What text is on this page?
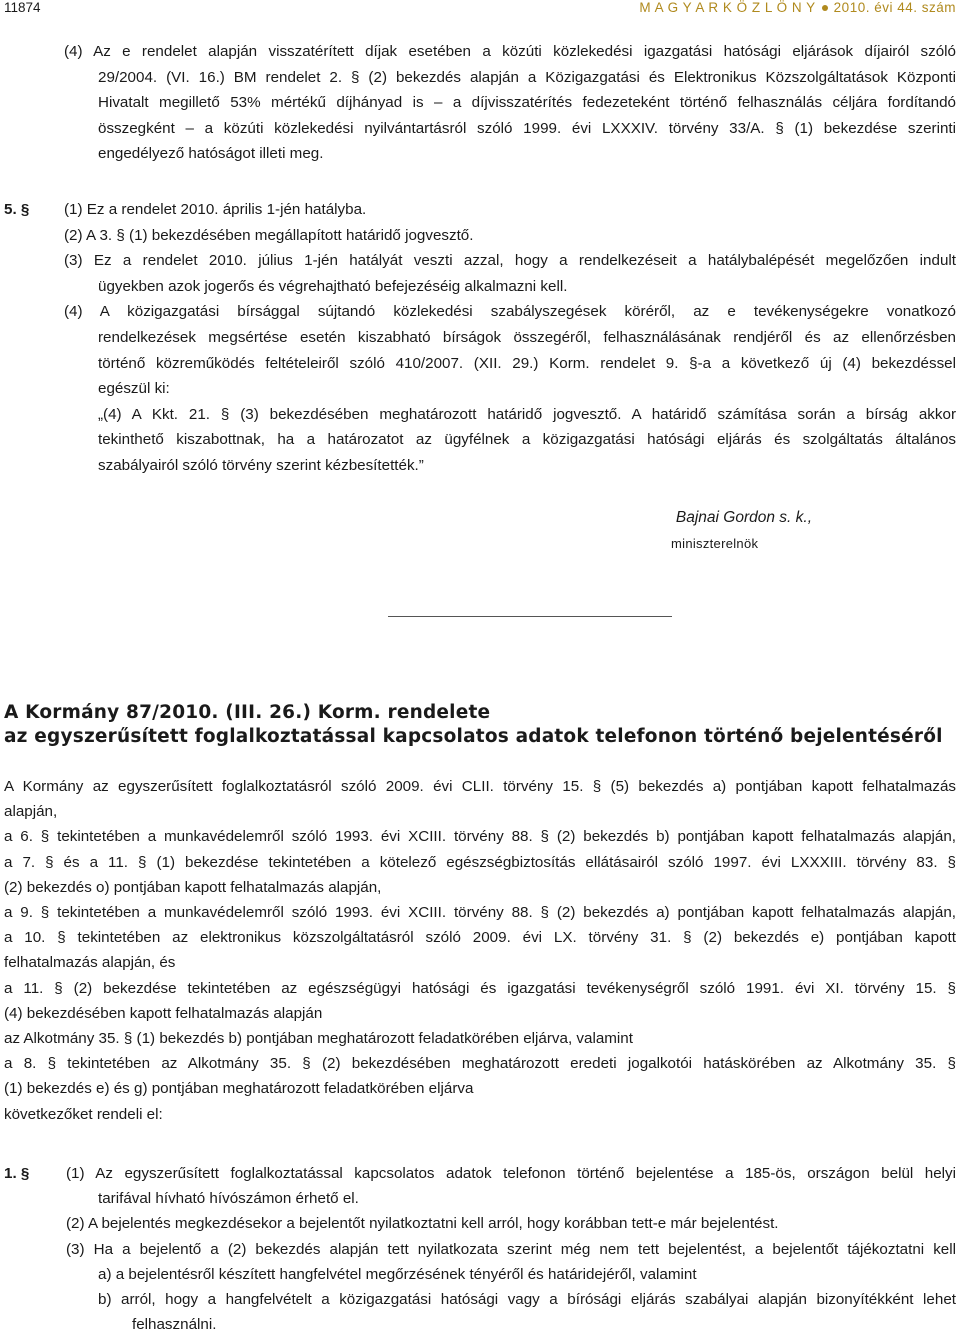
11874	M A G Y A R K Ö Z L Ö N Y 2010. évi 44. szám
(4) Az e rendelet alapján visszatérített díjak esetében a közúti közlekedési igazgatási hatósági eljárások díjairól szóló
29/2004. (VI. 16.) BM rendelet 2. § (2) bekezdés alapján a Közigazgatási és Elektronikus Közszolgáltatások Központi
Hivatalt megillető 53% mértékű díjhányad is – a díjvisszatérítés fedezeteként történő felhasználás céljára fordítandó
összegként – a közúti közlekedési nyilvántartásról szóló 1999. évi LXXXIV. törvény 33/A. § (1) bekezdése szerinti
engedélyező hatóságot illeti meg.
5. § (1) Ez a rendelet 2010. április 1-jén hatályba.
(2) A 3. § (1) bekezdésében megállapított határidő jogvesztő.
(3) Ez a rendelet 2010. július 1-jén hatályát veszti azzal, hogy a rendelkezéseit a hatálybalépését megelőzően indult
ügyekben azok jogerős és végrehajtható befejezéséig alkalmazni kell.
(4) A közigazgatási bírsággal sújtandó közlekedési szabályszegések köréről, az e tevékenységekre vonatkozó
rendelkezések megsértése esetén kiszabható bírságok összegéről, felhasználásának rendjéről és az ellenőrzésben
történő közreműködés feltételeiről szóló 410/2007. (XII. 29.) Korm. rendelet 9. §-a a következő új (4) bekezdéssel
egészül ki:
„(4) A Kkt. 21. § (3) bekezdésében meghatározott határidő jogvesztő. A határidő számítása során a bírság akkor
tekinthető kiszabottnak, ha a határozatot az ügyfélnek a közigazgatási hatósági eljárás és szolgáltatás általános
szabályairól szóló törvény szerint kézbesítették.”
Bajnai Gordon s. k.,
miniszterelnök
A Kormány 87/2010. (III. 26.) Korm. rendelete
az egyszerűsített foglalkoztatással kapcsolatos adatok telefonon történő bejelentéséről
A Kormány az egyszerűsített foglalkoztatásról szóló 2009. évi CLII. törvény 15. § (5) bekezdés a) pontjában kapott felhatalmazás
alapján,
a 6. § tekintetében a munkavédelemről szóló 1993. évi XCIII. törvény 88. § (2) bekezdés b) pontjában kapott felhatalmazás alapján,
a 7. § és a 11. § (1) bekezdése tekintetében a kötelező egészségbiztosítás ellátásairól szóló 1997. évi LXXXIII. törvény 83. §
(2) bekezdés o) pontjában kapott felhatalmazás alapján,
a 9. § tekintetében a munkavédelemről szóló 1993. évi XCIII. törvény 88. § (2) bekezdés a) pontjában kapott felhatalmazás alapján,
a 10. § tekintetében az elektronikus közszolgáltatásról szóló 2009. évi LX. törvény 31. § (2) bekezdés e) pontjában kapott
felhatalmazás alapján, és
a 11. § (2) bekezdése tekintetében az egészségügyi hatósági és igazgatási tevékenységről szóló 1991. évi XI. törvény 15. §
(4) bekezdésében kapott felhatalmazás alapján
az Alkotmány 35. § (1) bekezdés b) pontjában meghatározott feladatkörében eljárva, valamint
a 8. § tekintetében az Alkotmány 35. § (2) bekezdésében meghatározott eredeti jogalkotói hatáskörében az Alkotmány 35. §
(1) bekezdés e) és g) pontjában meghatározott feladatkörében eljárva
következőket rendeli el:
1. § (1) Az egyszerűsített foglalkoztatással kapcsolatos adatok telefonon történő bejelentése a 185-ös, országon belül helyi
tarifával hívható hívószámon érhető el.
(2) A bejelentés megkezdésekor a bejelentőt nyilatkoztatni kell arról, hogy korábban tett-e már bejelentést.
(3) Ha a bejelentő a (2) bekezdés alapján tett nyilatkozata szerint még nem tett bejelentést, a bejelentőt tájékoztatni kell
a) a bejelentésről készített hangfelvétel megőrzésének tényéről és határidejéről, valamint
b) arról, hogy a hangfelvételt a közigazgatási hatósági vagy a bírósági eljárás szabályai alapján bizonyítékként lehet
felhasználni.
